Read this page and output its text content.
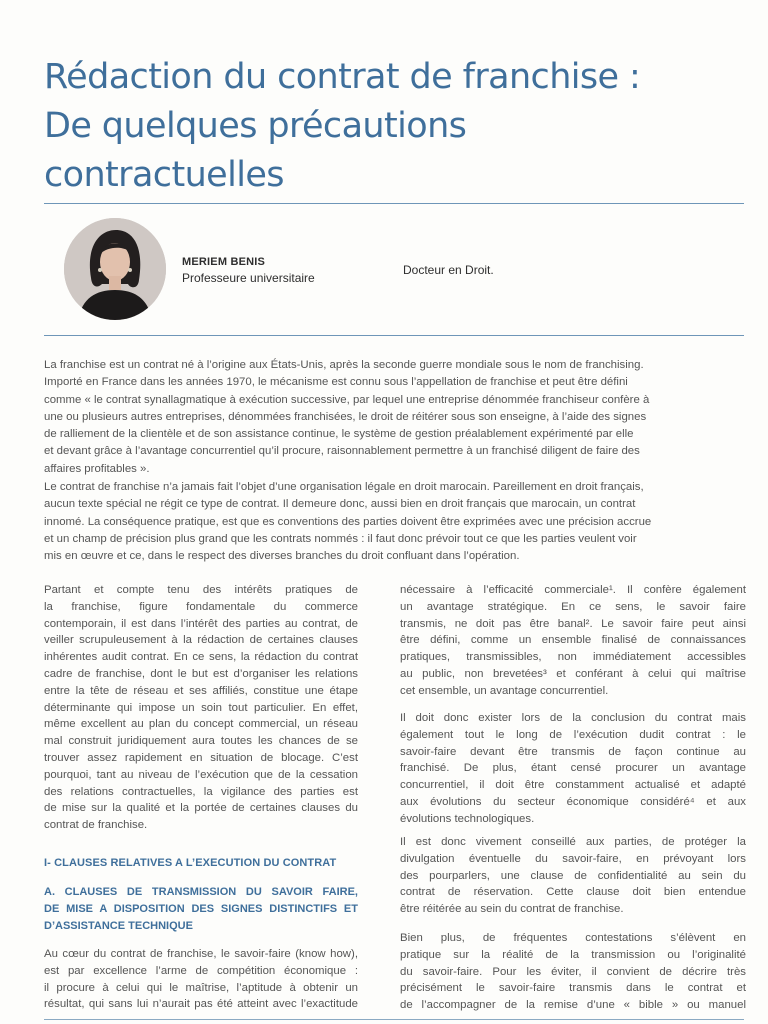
Rédaction du contrat de franchise :
De quelques précautions
contractuelles
MERIEM BENIS
Professeure universitaire
Docteur en Droit.
La franchise est un contrat né à l’origine aux États-Unis, après la seconde guerre mondiale sous le nom de franchising.
Importé en France dans les années 1970, le mécanisme est connu sous l’appellation de franchise et peut être défini
comme « le contrat synallagmatique à exécution successive, par lequel une entreprise dénommée franchiseur confère à
une ou plusieurs autres entreprises, dénommées franchisées, le droit de réitérer sous son enseigne, à l’aide des signes
de ralliement de la clientèle et de son assistance continue, le système de gestion préalablement expérimenté par elle
et devant grâce à l’avantage concurrentiel qu’il procure, raisonnablement permettre à un franchisé diligent de faire des
affaires profitables ».
Le contrat de franchise n’a jamais fait l’objet d’une organisation légale en droit marocain. Pareillement en droit français,
aucun texte spécial ne régit ce type de contrat. Il demeure donc, aussi bien en droit français que marocain, un contrat
innomé. La conséquence pratique, est que es conventions des parties doivent être exprimées avec une précision accrue
et un champ de précision plus grand que les contrats nommés : il faut donc prévoir tout ce que les parties veulent voir
mis en œuvre et ce, dans le respect des diverses branches du droit confluant dans l’opération.
Partant et compte tenu des intérêts pratiques de
la franchise, figure fondamentale du commerce
contemporain, il est dans l’intérêt des parties au contrat, de
veiller scrupuleusement à la rédaction de certaines clauses
inhérentes audit contrat. En ce sens, la rédaction du contrat
cadre de franchise, dont le but est d’organiser les relations
entre la tête de réseau et ses affiliés, constitue une étape
déterminante qui impose un soin tout particulier. En effet,
même excellent au plan du concept commercial, un réseau
mal construit juridiquement aura toutes les chances de se
trouver assez rapidement en situation de blocage. C’est
pourquoi, tant au niveau de l’exécution que de la cessation
des relations contractuelles, la vigilance des parties est
de mise sur la qualité et la portée de certaines clauses du
contrat de franchise.
I- CLAUSES RELATIVES A L’EXECUTION DU CONTRAT
A. CLAUSES DE TRANSMISSION DU SAVOIR FAIRE,
DE MISE A DISPOSITION DES SIGNES DISTINCTIFS ET
D’ASSISTANCE TECHNIQUE
Au cœur du contrat de franchise, le savoir-faire (know how),
est par excellence l’arme de compétition économique :
il procure à celui qui le maîtrise, l’aptitude à obtenir un
résultat, qui sans lui n’aurait pas été atteint avec l’exactitude
nécessaire à l’efficacité commerciale¹. Il confère également
un avantage stratégique. En ce sens, le savoir faire
transmis, ne doit pas être banal². Le savoir faire peut ainsi
être défini, comme un ensemble finalisé de connaissances
pratiques, transmissibles, non immédiatement accessibles
au public, non brevetées³ et conférant à celui qui maîtrise
cet ensemble, un avantage concurrentiel.
Il doit donc exister lors de la conclusion du contrat mais
également tout le long de l’exécution dudit contrat : le
savoir-faire devant être transmis de façon continue au
franchisé. De plus, étant censé procurer un avantage
concurrentiel, il doit être constamment actualisé et adapté
aux évolutions du secteur économique considéré⁴ et aux
évolutions technologiques.
Il est donc vivement conseillé aux parties, de protéger la
divulgation éventuelle du savoir-faire, en prévoyant lors
des pourparlers, une clause de confidentialité au sein du
contrat de réservation. Cette clause doit bien entendue
être réitérée au sein du contrat de franchise.
Bien plus, de fréquentes contestations s’élèvent en
pratique sur la réalité de la transmission ou l’originalité
du savoir-faire. Pour les éviter, il convient de décrire très
précisément le savoir-faire transmis dans le contrat et
de l’accompagner de la remise d’une « bible » ou manuel
